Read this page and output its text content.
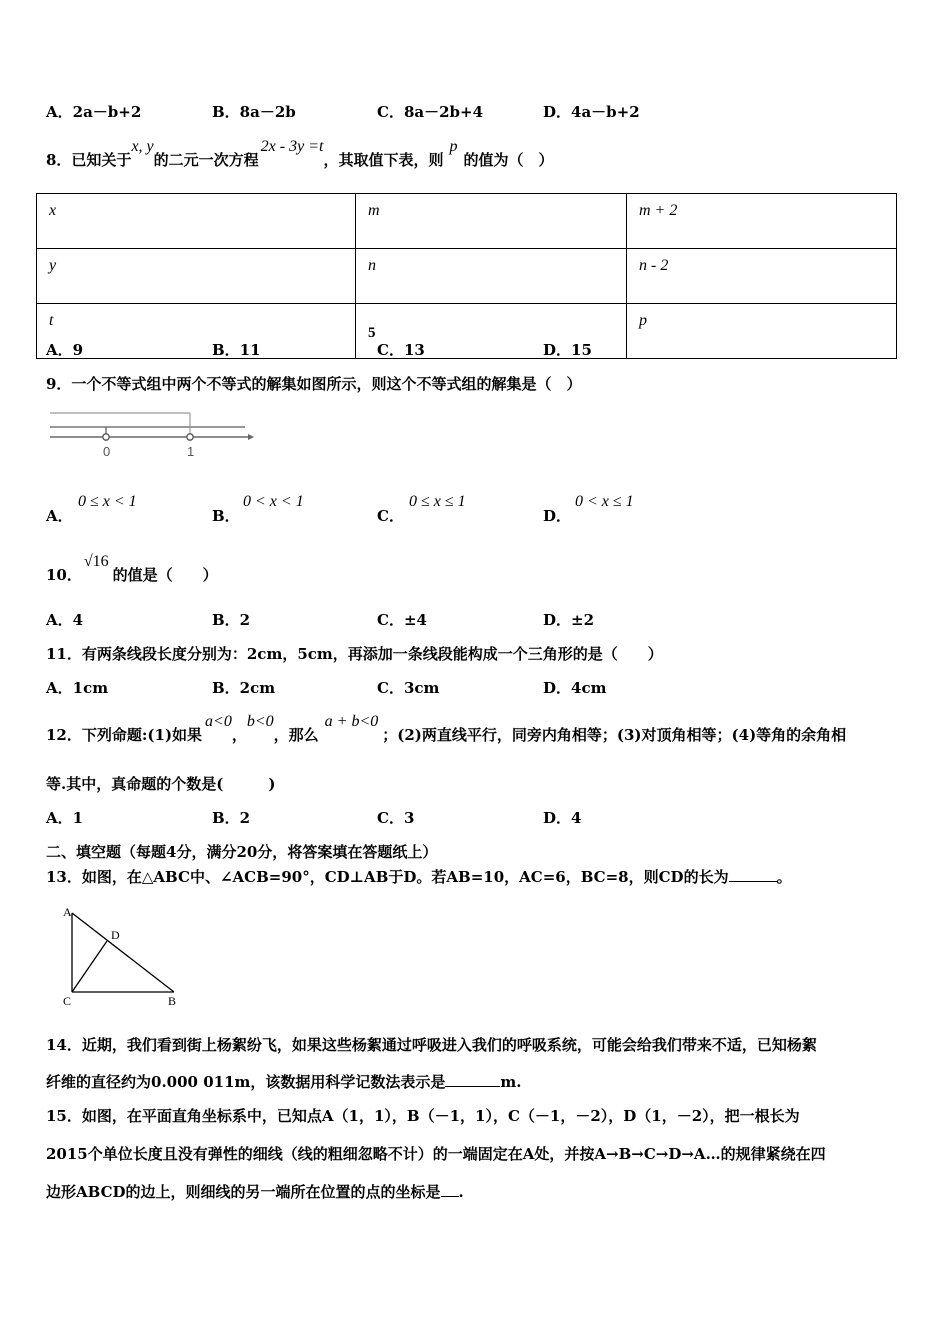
A．2a－b+2	B．8a－2b	C．8a－2b+4	D．4a－b+2
8．已知关于x, y的二元一次方程2x - 3y =t，其取值下表，则p的值为（　）
x	m	m + 2
y	n	n - 2
t	5	p
A．9	B．11	C．13	D．15
9．一个不等式组中两个不等式的解集如图所示，则这个不等式组的解集是（　）
0	1
A．
0 ≤ x < 1
B．
0 < x < 1
C．
0 ≤ x ≤ 1
D．
0 < x ≤ 1
10．√16的值是（　　）
A．4	B．2	C．±4	D．±2
11．有两条线段长度分别为：2cm，5cm，再添加一条线段能构成一个三角形的是（　　）
A．1cm	B．2cm	C．3cm	D．4cm
12．下列命题:(1)如果a<0，b<0，那么a + b<0；(2)两直线平行，同旁内角相等；(3)对顶角相等；(4)等角的余角相
等.其中，真命题的个数是(　　　)
A．1	B．2	C．3	D．4
二、填空题（每题4分，满分20分，将答案填在答题纸上）
13．如图，在△ABC中、∠ACB=90°，CD⊥AB于D。若AB=10，AC=6，BC=8，则CD的长为	。
A
D
C	B
14．近期，我们看到街上杨絮纷飞，如果这些杨絮通过呼吸进入我们的呼吸系统，可能会给我们带来不适，已知杨絮
纤维的直径约为0.000 011m，该数据用科学记数法表示是	m.
15．如图，在平面直角坐标系中，已知点A（1，1），B（－1，1），C（－1，－2），D（1，－2），把一根长为
2015个单位长度且没有弹性的细线（线的粗细忽略不计）的一端固定在A处，并按A→B→C→D→A…的规律紧绕在四
边形ABCD的边上，则细线的另一端所在位置的点的坐标是 .
